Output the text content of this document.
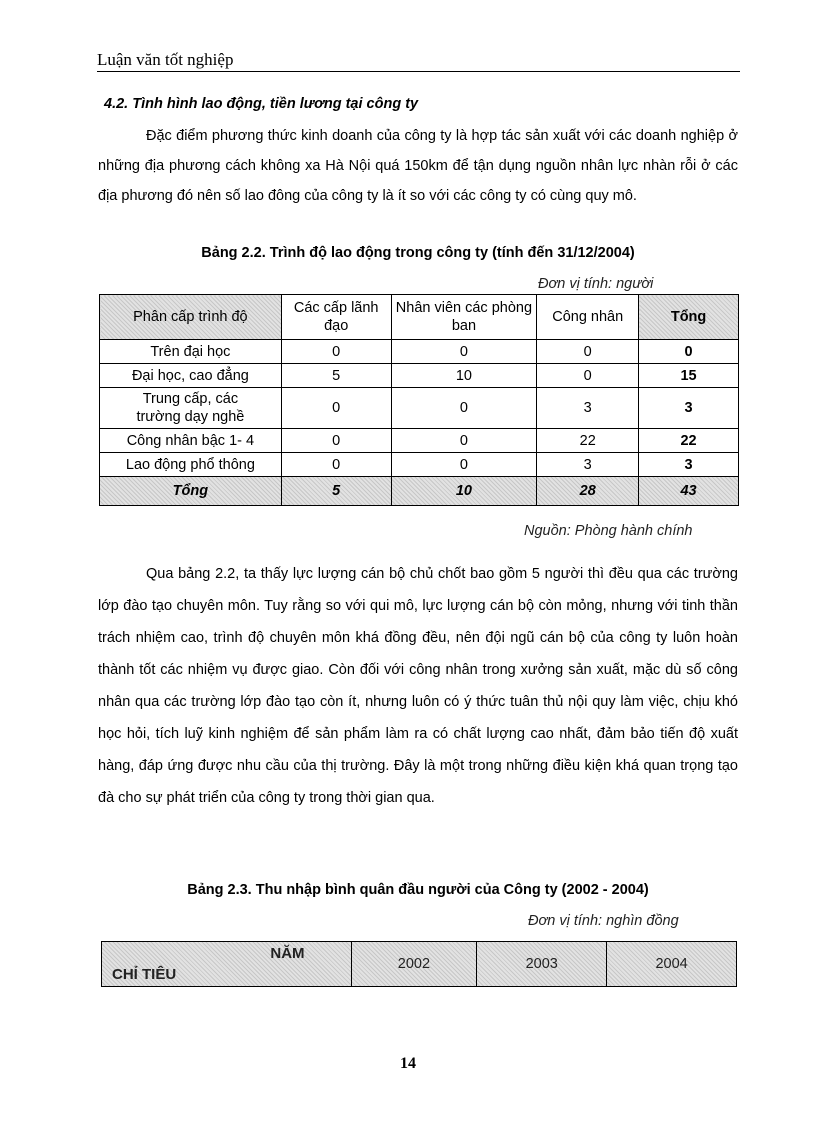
Luận văn tốt nghiệp
4.2. Tình hình lao động, tiền lương tại công ty
Đặc điểm phương thức kinh doanh của công ty là hợp tác sản xuất với các doanh nghiệp ở những địa phương cách không xa Hà Nội quá 150km để tận dụng nguồn nhân lực nhàn rỗi ở các địa phương đó nên số lao đông của công ty là ít so với các công ty có cùng quy mô.
Bảng 2.2. Trình độ lao động trong công ty (tính đến 31/12/2004)
Đơn vị tính: người
Phân cấp trình độ	Các cấp lãnh đạo	Nhân viên các phòng ban	Công nhân	Tổng
Trên đại học	0	0	0	0
Đại học, cao đẳng	5	10	0	15
Trung cấp, các trường dạy nghề	0	0	3	3
Công nhân bậc 1- 4	0	0	22	22
Lao động phổ thông	0	0	3	3
Tổng	5	10	28	43
Nguồn: Phòng hành chính
Qua bảng 2.2, ta thấy lực lượng cán bộ chủ chốt bao gồm 5 người thì đều qua các trường lớp đào tạo chuyên môn. Tuy rằng so với qui mô, lực lượng cán bộ còn mỏng, nhưng với tinh thần trách nhiệm cao, trình độ chuyên môn khá đồng đều, nên đội ngũ cán bộ của công ty luôn hoàn thành tốt các nhiệm vụ được giao. Còn đối với công nhân trong xưởng sản xuất, mặc dù số công nhân qua các trường lớp đào tạo còn ít, nhưng luôn có ý thức tuân thủ nội quy làm việc, chịu khó học hỏi, tích luỹ kinh nghiệm để sản phẩm làm ra có chất lượng cao nhất, đảm bảo tiến độ xuất hàng, đáp ứng được nhu cầu của thị trường. Đây là một trong những điều kiện khá quan trọng tạo đà cho sự phát triển của công ty trong thời gian qua.
Bảng 2.3. Thu nhập bình quân đầu người của Công ty (2002 - 2004)
Đơn vị tính: nghìn đồng
NĂM
CHỈ TIÊU
	2002	2003	2004
14
